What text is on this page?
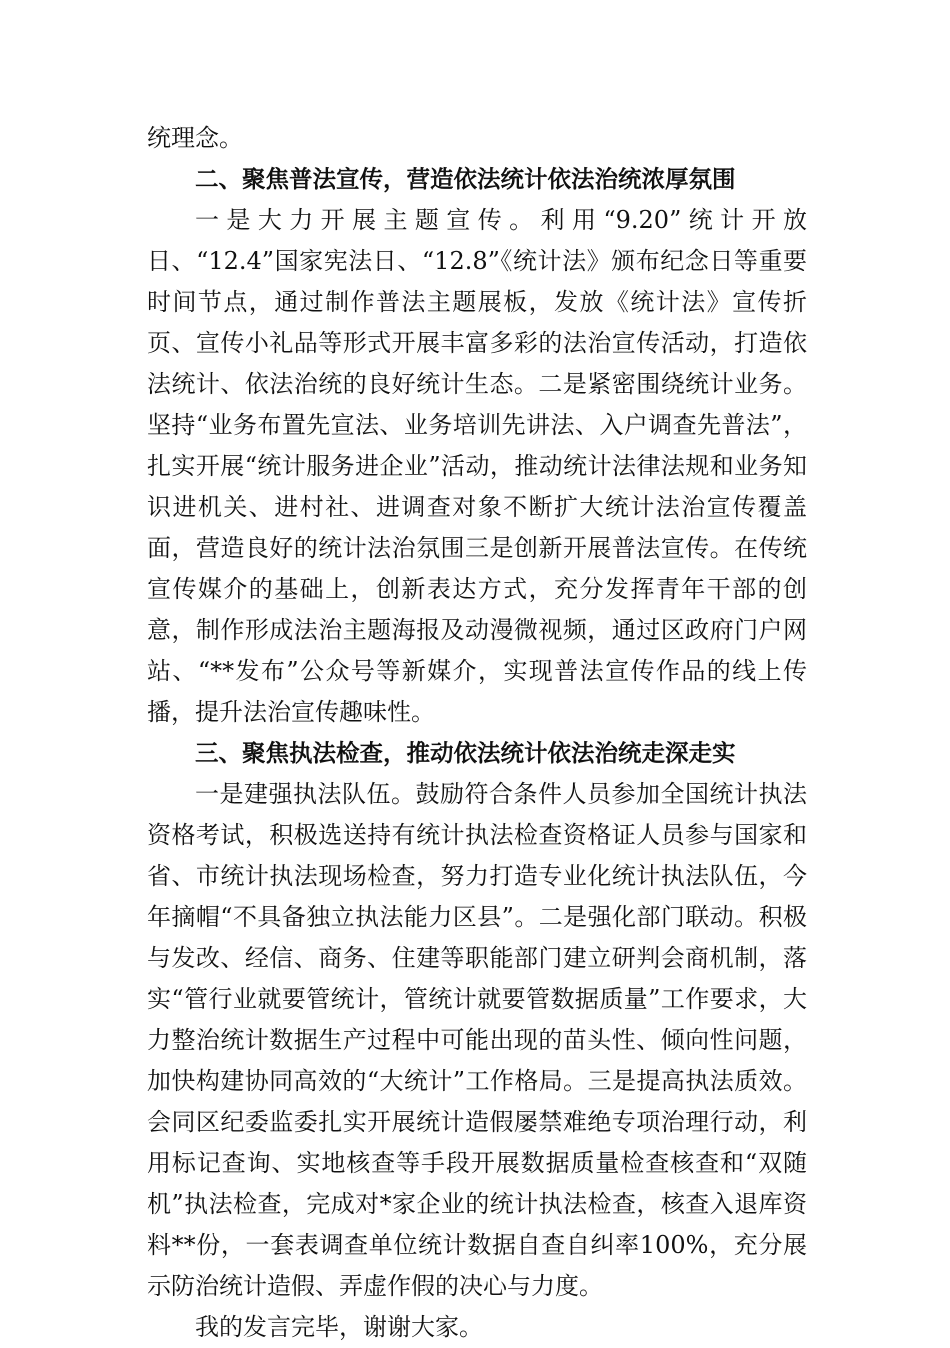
统理念。

二、聚焦普法宣传，营造依法统计依法治统浓厚氛围

一是大力开展主题宣传。利用“9.20”统计开放日、“12.4”国家宪法日、“12.8”《统计法》颁布纪念日等重要时间节点，通过制作普法主题展板，发放《统计法》宣传折页、宣传小礼品等形式开展丰富多彩的法治宣传活动，打造依法统计、依法治统的良好统计生态。二是紧密围绕统计业务。坚持“业务布置先宣法、业务培训先讲法、入户调查先普法”，扎实开展“统计服务进企业”活动，推动统计法律法规和业务知识进机关、进村社、进调查对象不断扩大统计法治宣传覆盖面，营造良好的统计法治氛围三是创新开展普法宣传。在传统宣传媒介的基础上，创新表达方式，充分发挥青年干部的创意，制作形成法治主题海报及动漫微视频，通过区政府门户网站、“**发布”公众号等新媒介，实现普法宣传作品的线上传播，提升法治宣传趣味性。

三、聚焦执法检查，推动依法统计依法治统走深走实

一是建强执法队伍。鼓励符合条件人员参加全国统计执法资格考试，积极选送持有统计执法检查资格证人员参与国家和省、市统计执法现场检查，努力打造专业化统计执法队伍，今年摘帽“不具备独立执法能力区县”。二是强化部门联动。积极与发改、经信、商务、住建等职能部门建立研判会商机制，落实“管行业就要管统计，管统计就要管数据质量”工作要求，大力整治统计数据生产过程中可能出现的苗头性、倾向性问题，加快构建协同高效的“大统计”工作格局。三是提高执法质效。会同区纪委监委扎实开展统计造假屡禁难绝专项治理行动，利用标记查询、实地核查等手段开展数据质量检查核查和“双随机”执法检查，完成对*家企业的统计执法检查，核查入退库资料**份，一套表调查单位统计数据自查自纠率100%，充分展示防治统计造假、弄虚作假的决心与力度。

我的发言完毕，谢谢大家。
